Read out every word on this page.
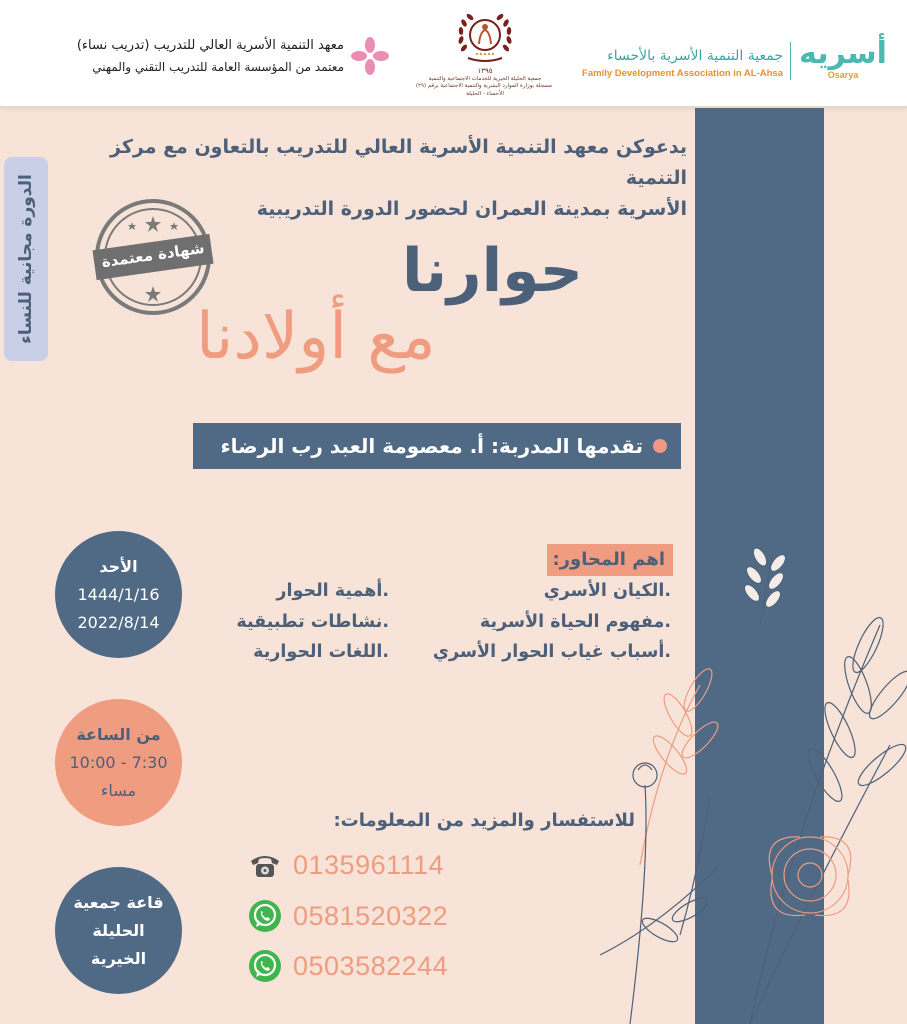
أسريه
Osarya
جمعية التنمية الأسرية بالأحساء
Family Development Association in AL-Ahsa
١٣٩٥
جمعية الحليلة الخيرية للخدمات الاجتماعية والتنمية
مسجلة بوزارة الموارد البشرية والتنمية الاجتماعية برقم (٢٩)
الأحساء - الحليلة
معهد التنمية الأسرية العالي للتدريب (تدريب نساء)
معتمد من المؤسسة العامة للتدريب التقني والمهني
الدورة مجانية للنساء
يدعوكن معهد التنمية الأسرية العالي للتدريب بالتعاون مع مركز التنمية
الأسرية بمدينة العمران لحضور الدورة التدريبية
شهادة معتمدة	حوارنا
مع أولادنا
تقدمها المدربة: أ. معصومة العبد رب الرضاء
الأحد
1444/1/16
2022/8/14
من الساعة
7:30 - 10:00
مساء
قاعة جمعية
الحليلة
الخيرية
اهم المحاور:
.الكيان الأسري
.مفهوم الحياة الأسرية
.أسباب غياب الحوار الأسري
.أهمية الحوار
.نشاطات تطبيقية
.اللغات الحوارية
للاستفسار والمزيد من المعلومات:
0135961114
0581520322
0503582244
